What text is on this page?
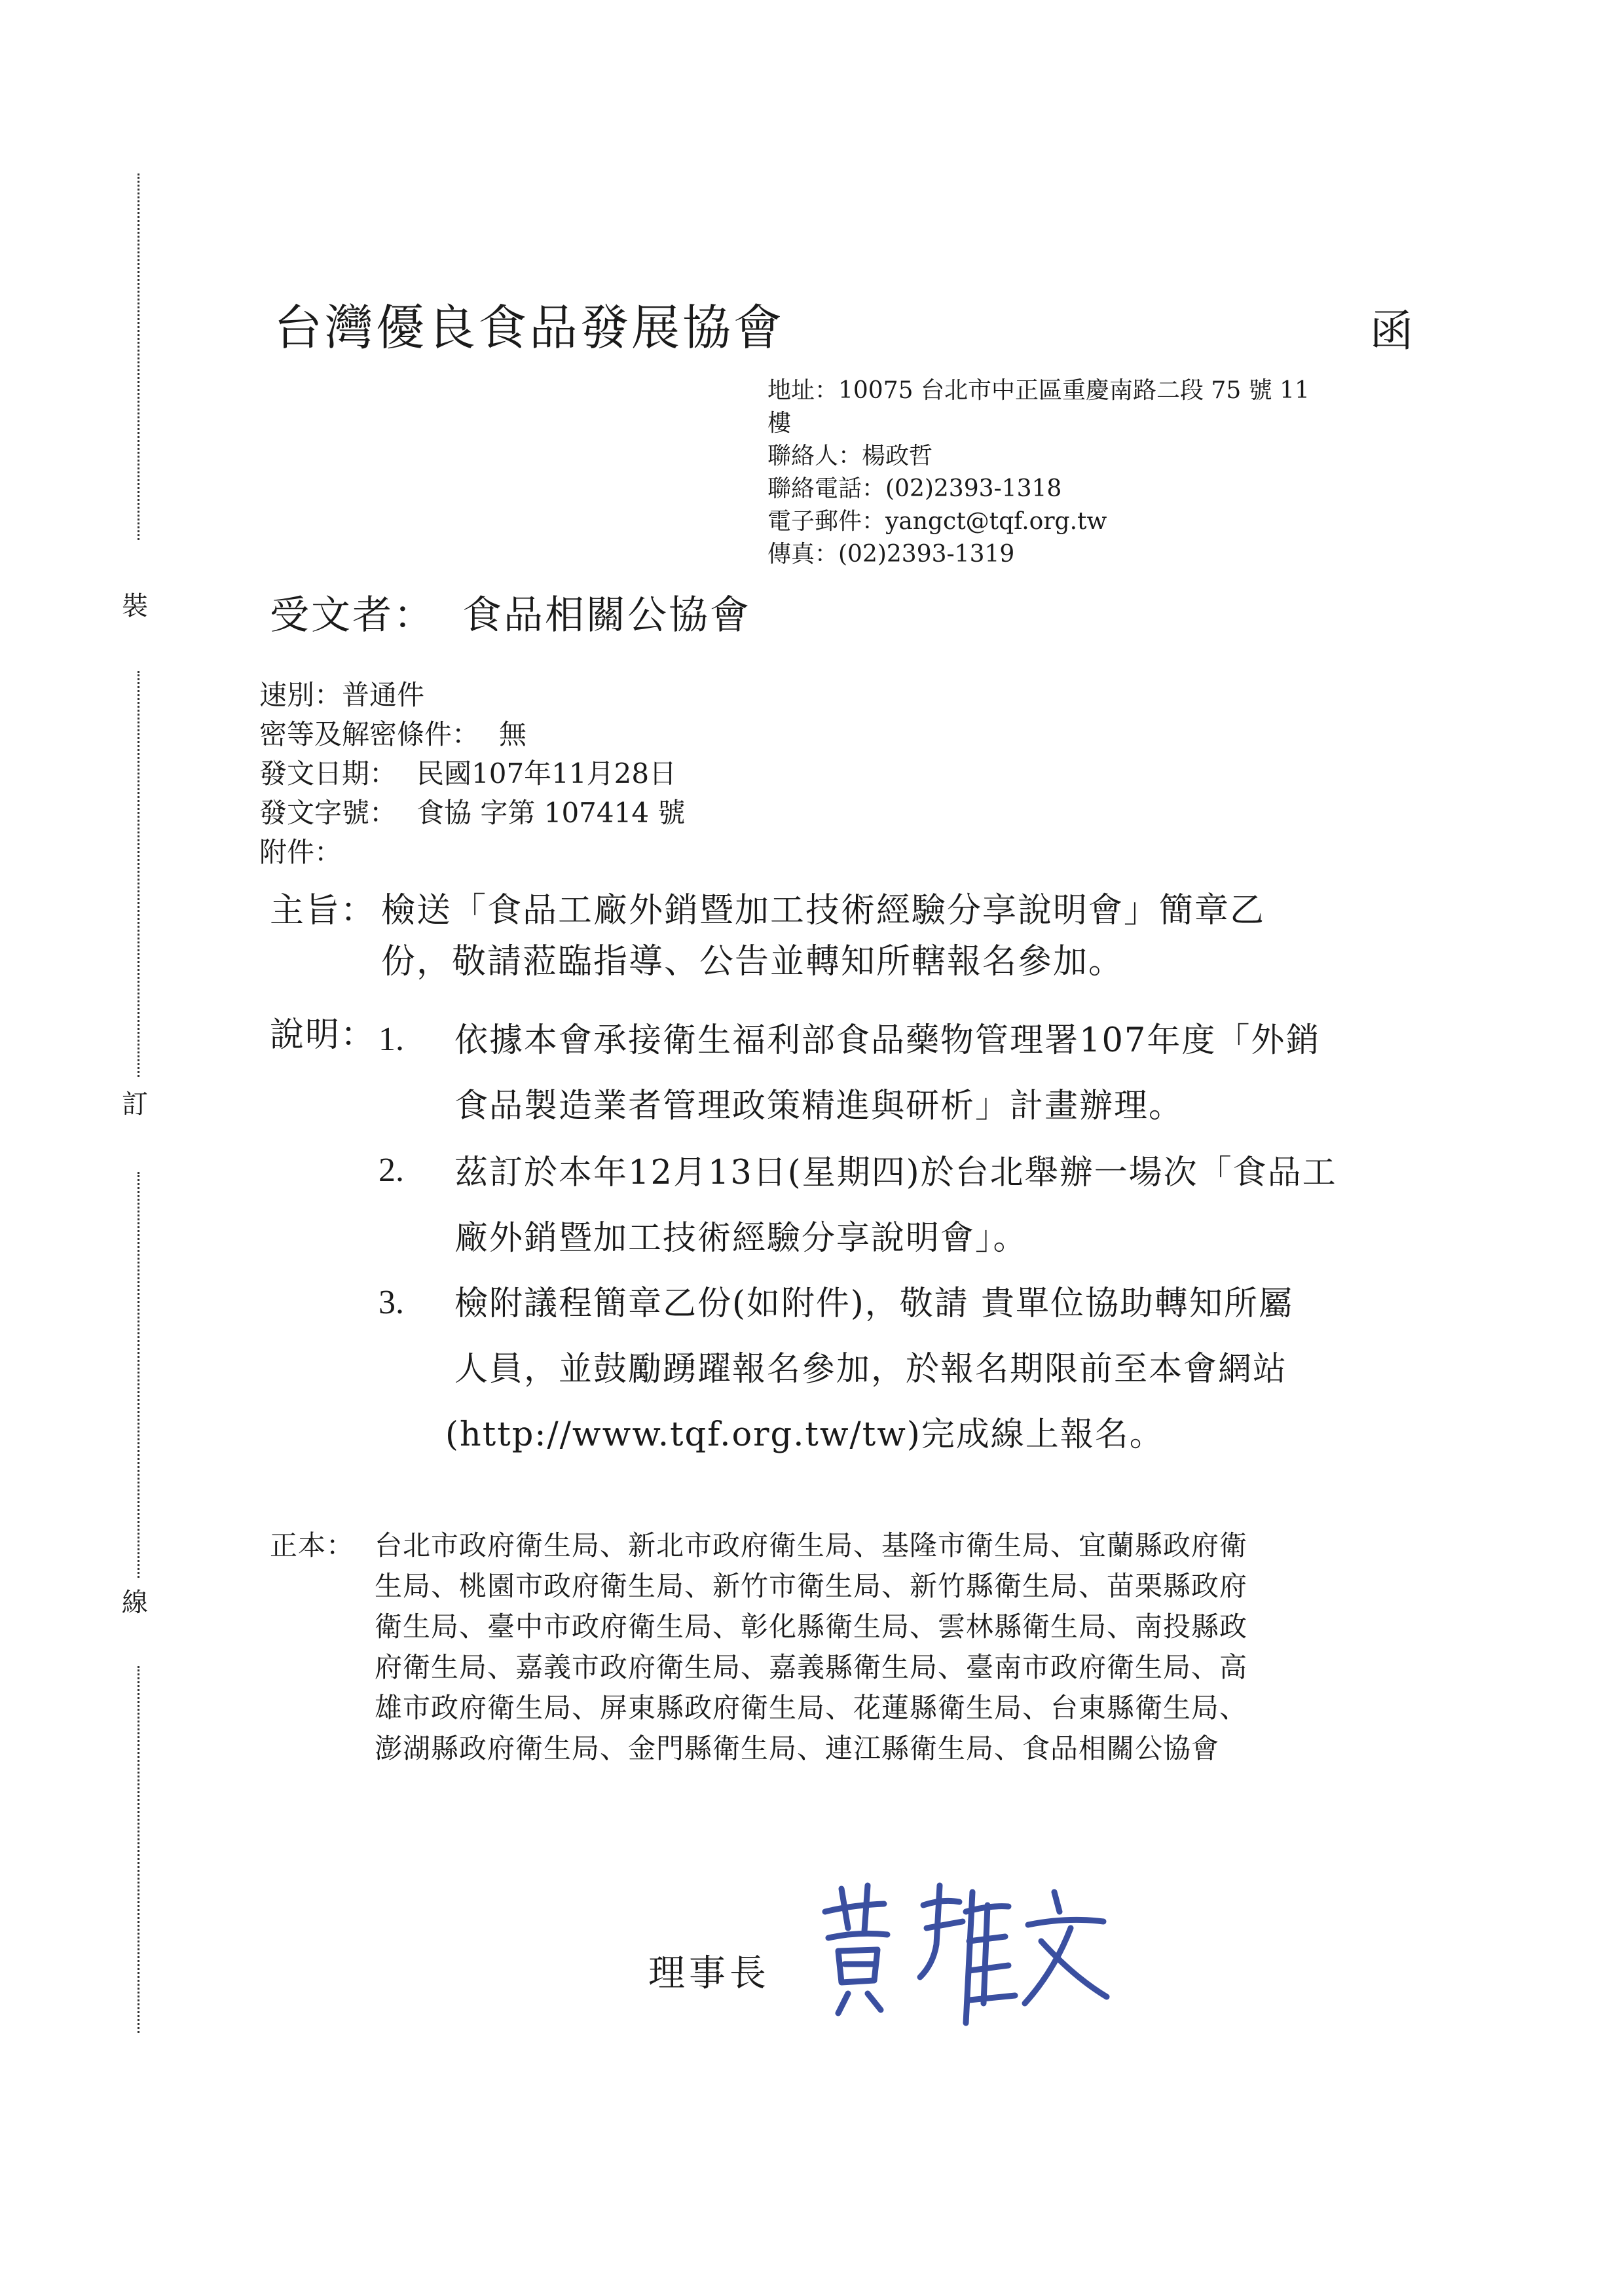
裝
訂
線
台灣優良食品發展協會	函
地址：10075 台北市中正區重慶南路二段 75 號 11
樓
聯絡人：楊政哲
聯絡電話：(02)2393-1318
電子郵件：yangct@tqf.org.tw
傳真：(02)2393-1319
受文者： 食品相關公協會
速別：普通件
密等及解密條件： 無
發文日期： 民國107年11月28日
發文字號： 食協 字第 107414 號
附件：
主旨： 檢送「食品工廠外銷暨加工技術經驗分享說明會」簡章乙
份，敬請蒞臨指導、公告並轉知所轄報名參加。
說明： 1. 依據本會承接衛生福利部食品藥物管理署107年度「外銷
食品製造業者管理政策精進與研析」計畫辦理。
2. 茲訂於本年12月13日(星期四)於台北舉辦一場次「食品工
廠外銷暨加工技術經驗分享說明會」。
3. 檢附議程簡章乙份(如附件)，敬請 貴單位協助轉知所屬
人員，並鼓勵踴躍報名參加，於報名期限前至本會網站
(http://www.tqf.org.tw/tw)完成線上報名。
正本： 台北市政府衛生局、新北市政府衛生局、基隆市衛生局、宜蘭縣政府衛
生局、桃園市政府衛生局、新竹市衛生局、新竹縣衛生局、苗栗縣政府
衛生局、臺中市政府衛生局、彰化縣衛生局、雲林縣衛生局、南投縣政
府衛生局、嘉義市政府衛生局、嘉義縣衛生局、臺南市政府衛生局、高
雄市政府衛生局、屏東縣政府衛生局、花蓮縣衛生局、台東縣衛生局、
澎湖縣政府衛生局、金門縣衛生局、連江縣衛生局、食品相關公協會
理事長
